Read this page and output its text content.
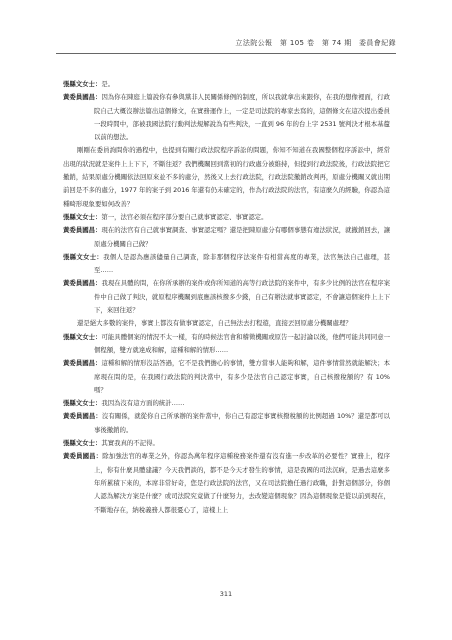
立法院公報　第 105 卷　第 74 期　委員會紀錄

張縣文女士：是。

黃委員國昌：因為你在陳庭上篇說你有參與黨非人民關係條例的制度，所以我就拿出來跟你，在我的想像裡面，行政院自己大概沒辦法篇出這個條文，在實務運作上，一定是司法院的專家去寫的，這個條文在這次提出委員一段時間中，部被我國法院行動判法規解說為有些判決，一直到 96 年的台上字 2531 號判決才根本基釐以前的想法。

剛剛在委員詢問你的過程中，也提到有關行政法院程序訴訟的問題，你知不知道在我國整個程序訴訟中，經常出現的狀況就是案件上上下下，不斷往返？我們機關回到當初的行政處分被維持，但提到行政法院後，行政法院把它撤銷，結果原處分機關依法回原來並不多的處分，然後又上去行政法院，行政法院撤銷改判再，原處分機關又就出期前回是不多的處分，1977 年的案子到 2016 年還有仍未確定的，作為行政法院的法官，有這麼久的經驗，你認為這種畸形現象要如何改善？

張縣文女士：第一，法官必須在程序部分要自己就事實認定、事實認定。

黃委員國昌：現在的法官有自己就事實調查、事實認定嗎？還是把陳原處分有哪個事態有違法狀況，就撤銷回去，讓原處分機關自己做？

張縣文女士：我個人是認為應該儘量自己調查，除非那個程序法案件有相當高度的專業，法官無法自己處理，甚至……

黃委員國昌：我現在具體的問，在你所承辦的案件或你所知道的高等行政法院的案件中，有多少比例的法官在程序案件中自己做了判決，就原程序機關到底應該核撥多少錢，自己有辦法就事實認定，不會讓這個案件上上下下，來回往返？

還是絕大多數的案件，事實上都沒有做事實認定，自己無法去打程遊，直接丟回原處分機關處理？

張縣文女士：可能具體個案的情況不太一樣，有的時候法官會和稽徵機關或原告一起討論以後，他們可能共同同意一個程額，雙方就達成和解，這種和解的情形……

黃委員國昌：這種和解的情形沒話答過，它不是我們擔心的事情，雙方當事人能夠和解，這件事情當然就能解決；本席現在問的是，在我國行政法院的判決當中，有多少是法官自己認定事實，自己核撥稅額的？有 10%嗎？

張縣文女士：我因為沒有這方面的統計……

黃委員國昌：沒有關係，就從你自己所承辦的案件當中，你自己有認定事實核撥稅額的比例超過 10%？還是都可以事後撤銷的。

張縣文女士：其實我真的不記得。

黃委員國昌：除加強法官的專業之外，你認為萬年程序這種稅務案件還有沒有進一步改革的必要性？實務上，程序上，你有什麼具體建議？今天我們談的，都不是今天才發生的事情，這是我國的司法沉痾，是過去這麼多年所累積下來的，本席非常好奇，您是行政法院的法官，又在司法院擔任過行政職，針對這個部分，你個人認為解決方案是什麼？或司法院究竟做了什麼努力，去改變這個現象？因為這個現象是從以前到現在，不斷地存在，納稅義務人都很憂心了，這樣上上

311
